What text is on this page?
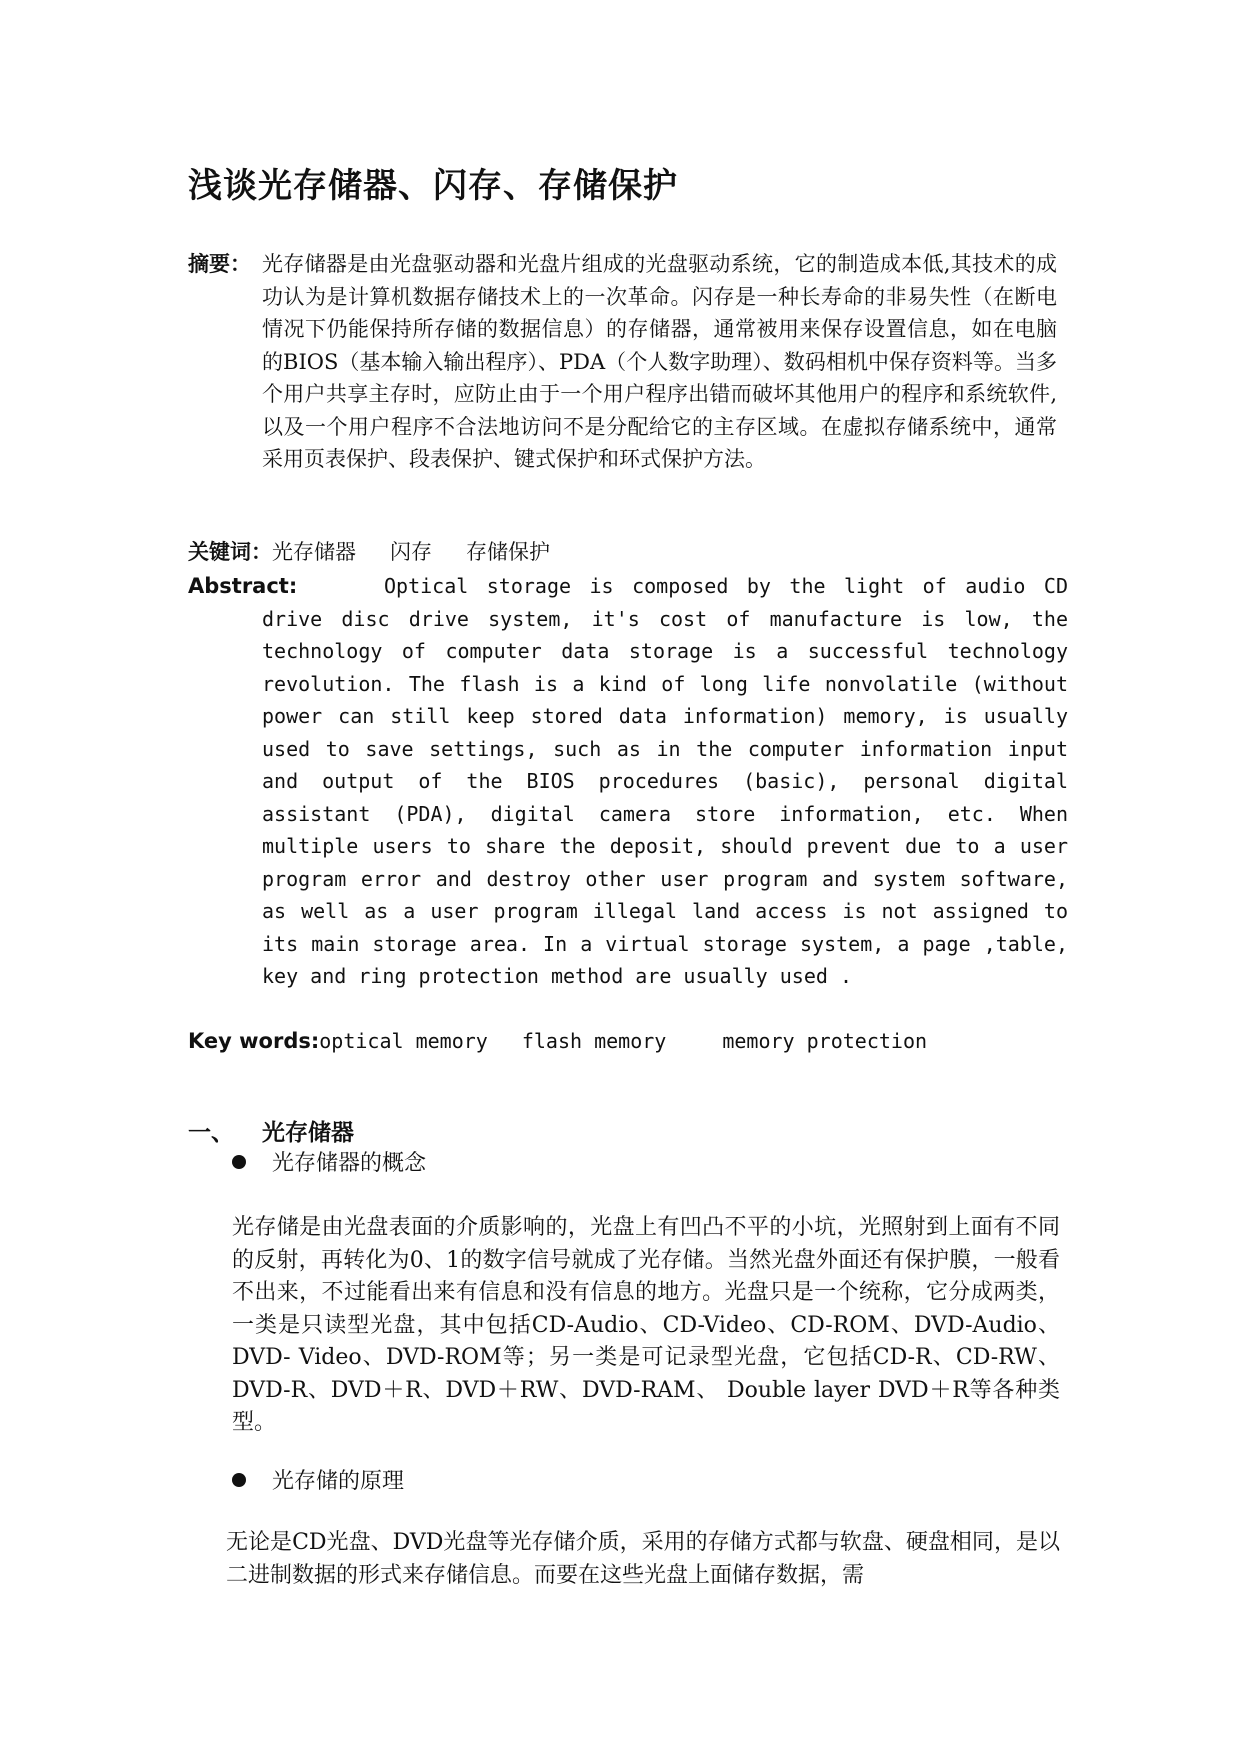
浅谈光存储器、闪存、存储保护
摘要： 光存储器是由光盘驱动器和光盘片组成的光盘驱动系统，它的制造成本低,其技术的成功认为是计算机数据存储技术上的一次革命。闪存是一种长寿命的非易失性（在断电情况下仍能保持所存储的数据信息）的存储器，通常被用来保存设置信息，如在电脑的BIOS（基本输入输出程序）、PDA（个人数字助理）、数码相机中保存资料等。当多个用户共享主存时，应防止由于一个用户程序出错而破坏其他用户的程序和系统软件,以及一个用户程序不合法地访问不是分配给它的主存区域。在虚拟存储系统中，通常采用页表保护、段表保护、键式保护和环式保护方法。
关键词：光存储器 闪存 存储保护
Abstract:	Optical storage is composed by the light of audio CD drive disc drive system, it's cost of manufacture is low, the technology of computer data storage is a successful technology revolution. The flash is a kind of long life nonvolatile (without power can still keep stored data information) memory, is usually used to save settings, such as in the computer information input and output of the BIOS procedures (basic), personal digital assistant (PDA), digital camera store information, etc. When multiple users to share the deposit, should prevent due to a user program error and destroy other user program and system software, as well as a user program illegal land access is not assigned to its main storage area. In a virtual storage system, a page ,table, key and ring protection method are usually used .
Key words:optical memory flash memory	memory protection
一、 光存储器
光存储器的概念
光存储是由光盘表面的介质影响的，光盘上有凹凸不平的小坑，光照射到上面有不同的反射，再转化为0、1的数字信号就成了光存储。当然光盘外面还有保护膜，一般看不出来，不过能看出来有信息和没有信息的地方。光盘只是一个统称，它分成两类，一类是只读型光盘，其中包括CD-Audio、CD-Video、CD-ROM、DVD-Audio、DVD- Video、DVD-ROM等；另一类是可记录型光盘，它包括CD-R、CD-RW、DVD-R、DVD＋R、DVD＋RW、DVD-RAM、 Double layer DVD＋R等各种类型。
光存储的原理
无论是CD光盘、DVD光盘等光存储介质，采用的存储方式都与软盘、硬盘相同，是以二进制数据的形式来存储信息。而要在这些光盘上面储存数据，需
